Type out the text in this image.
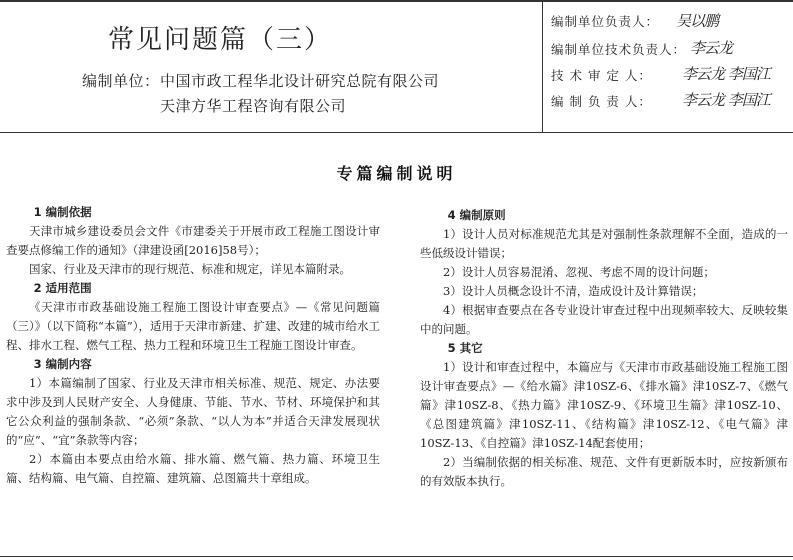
常见问题篇（三）
编制单位： 中国市政工程华北设计研究总院有限公司
天津方华工程咨询有限公司
编制单位负责人： 吴以鹏
编制单位技术负责人： 李云龙
技 术 审 定 人： 李云龙 李国江
编 制 负 责 人： 李云龙 李国江
专篇编制说明
1 编制依据

天津市城乡建设委员会文件《市建委关于开展市政工程施工图设计审查要点修编工作的通知》（津建设函[2016]58号）；

国家、行业及天津市的现行规范、标准和规定，详见本篇附录。

2 适用范围

《天津市市政基础设施工程施工图设计审查要点》—《常见问题篇（三）》（以下简称“本篇”），适用于天津市新建、扩建、改建的城市给水工程、排水工程、燃气工程、热力工程和环境卫生工程施工图设计审查。

3 编制内容

1）本篇编制了国家、行业及天津市相关标准、规范、规定、办法要求中涉及到人民财产安全、人身健康、节能、节水、节材、环境保护和其它公众利益的强制条款、“必须”条款、“以人为本”并适合天津发展现状的“应”、“宜”条款等内容；

2）本篇由本要点由给水篇、排水篇、燃气篇、热力篇、环境卫生篇、结构篇、电气篇、自控篇、建筑篇、总图篇共十章组成。

4 编制原则

1）设计人员对标准规范尤其是对强制性条款理解不全面，造成的一些低级设计错误；

2）设计人员容易混淆、忽视、考虑不周的设计问题；

3）设计人员概念设计不清，造成设计及计算错误；

4）根据审查要点在各专业设计审查过程中出现频率较大、反映较集中的问题。

5 其它

1）设计和审查过程中，本篇应与《天津市市政基础设施工程施工图设计审查要点》—《给水篇》津10SZ-6、《排水篇》津10SZ-7、《燃气篇》津10SZ-8、《热力篇》津10SZ-9、《环境卫生篇》津10SZ-10、《总图建筑篇》津10SZ-11、《结构篇》津10SZ-12、《电气篇》津10SZ-13、《自控篇》津10SZ-14配套使用；

2）当编制依据的相关标准、规范、文件有更新版本时，应按新颁布的有效版本执行。
